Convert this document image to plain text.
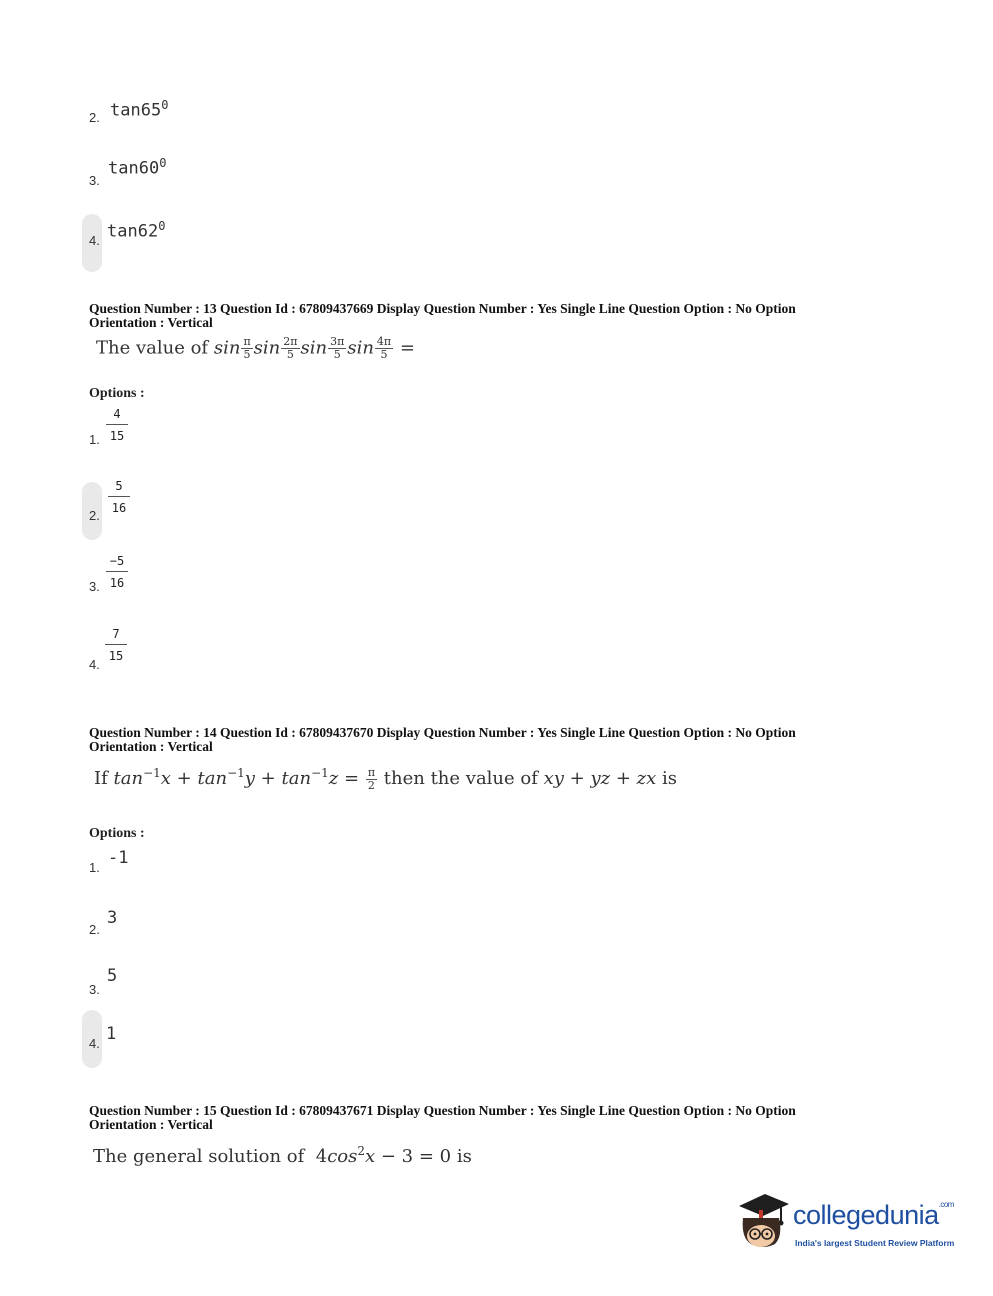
2. $\tan 65^0$
3.
$\tan 60^0$
4. $\tan 62^0$
Question Number : 13 Question Id : 67809437669 Display Question Number : Yes Single Line Question Option : No Option
Orientation : Vertical
The value of $\sin \frac{\pi}{5}$ $\sin \frac{2\pi}{5}$ $\sin \frac{3\pi}{5}$ $\sin \frac{4\pi}{5}$ =
Options :
1.
4
15
2.
5
16
3.
−5
16
4.
7
15
Question Number : 14 Question Id : 67809437670 Display Question Number : Yes Single Line Question Option : No Option
Orientation : Vertical
If $\tan^{-1}x + \tan^{-1}y + \tan^{-1}z = \frac{\pi}{2}$ then the value of xy + yz + zx is
Options :
1. -1
2.
3
3.
5
4. 1
Question Number : 15 Question Id : 67809437671 Display Question Number : Yes Single Line Question Option : No Option
Orientation : Vertical
The general solution of $4\cos^2x - 3 = 0$ is
collegedunia$^{.com}$
India's largest Student Review Platform
